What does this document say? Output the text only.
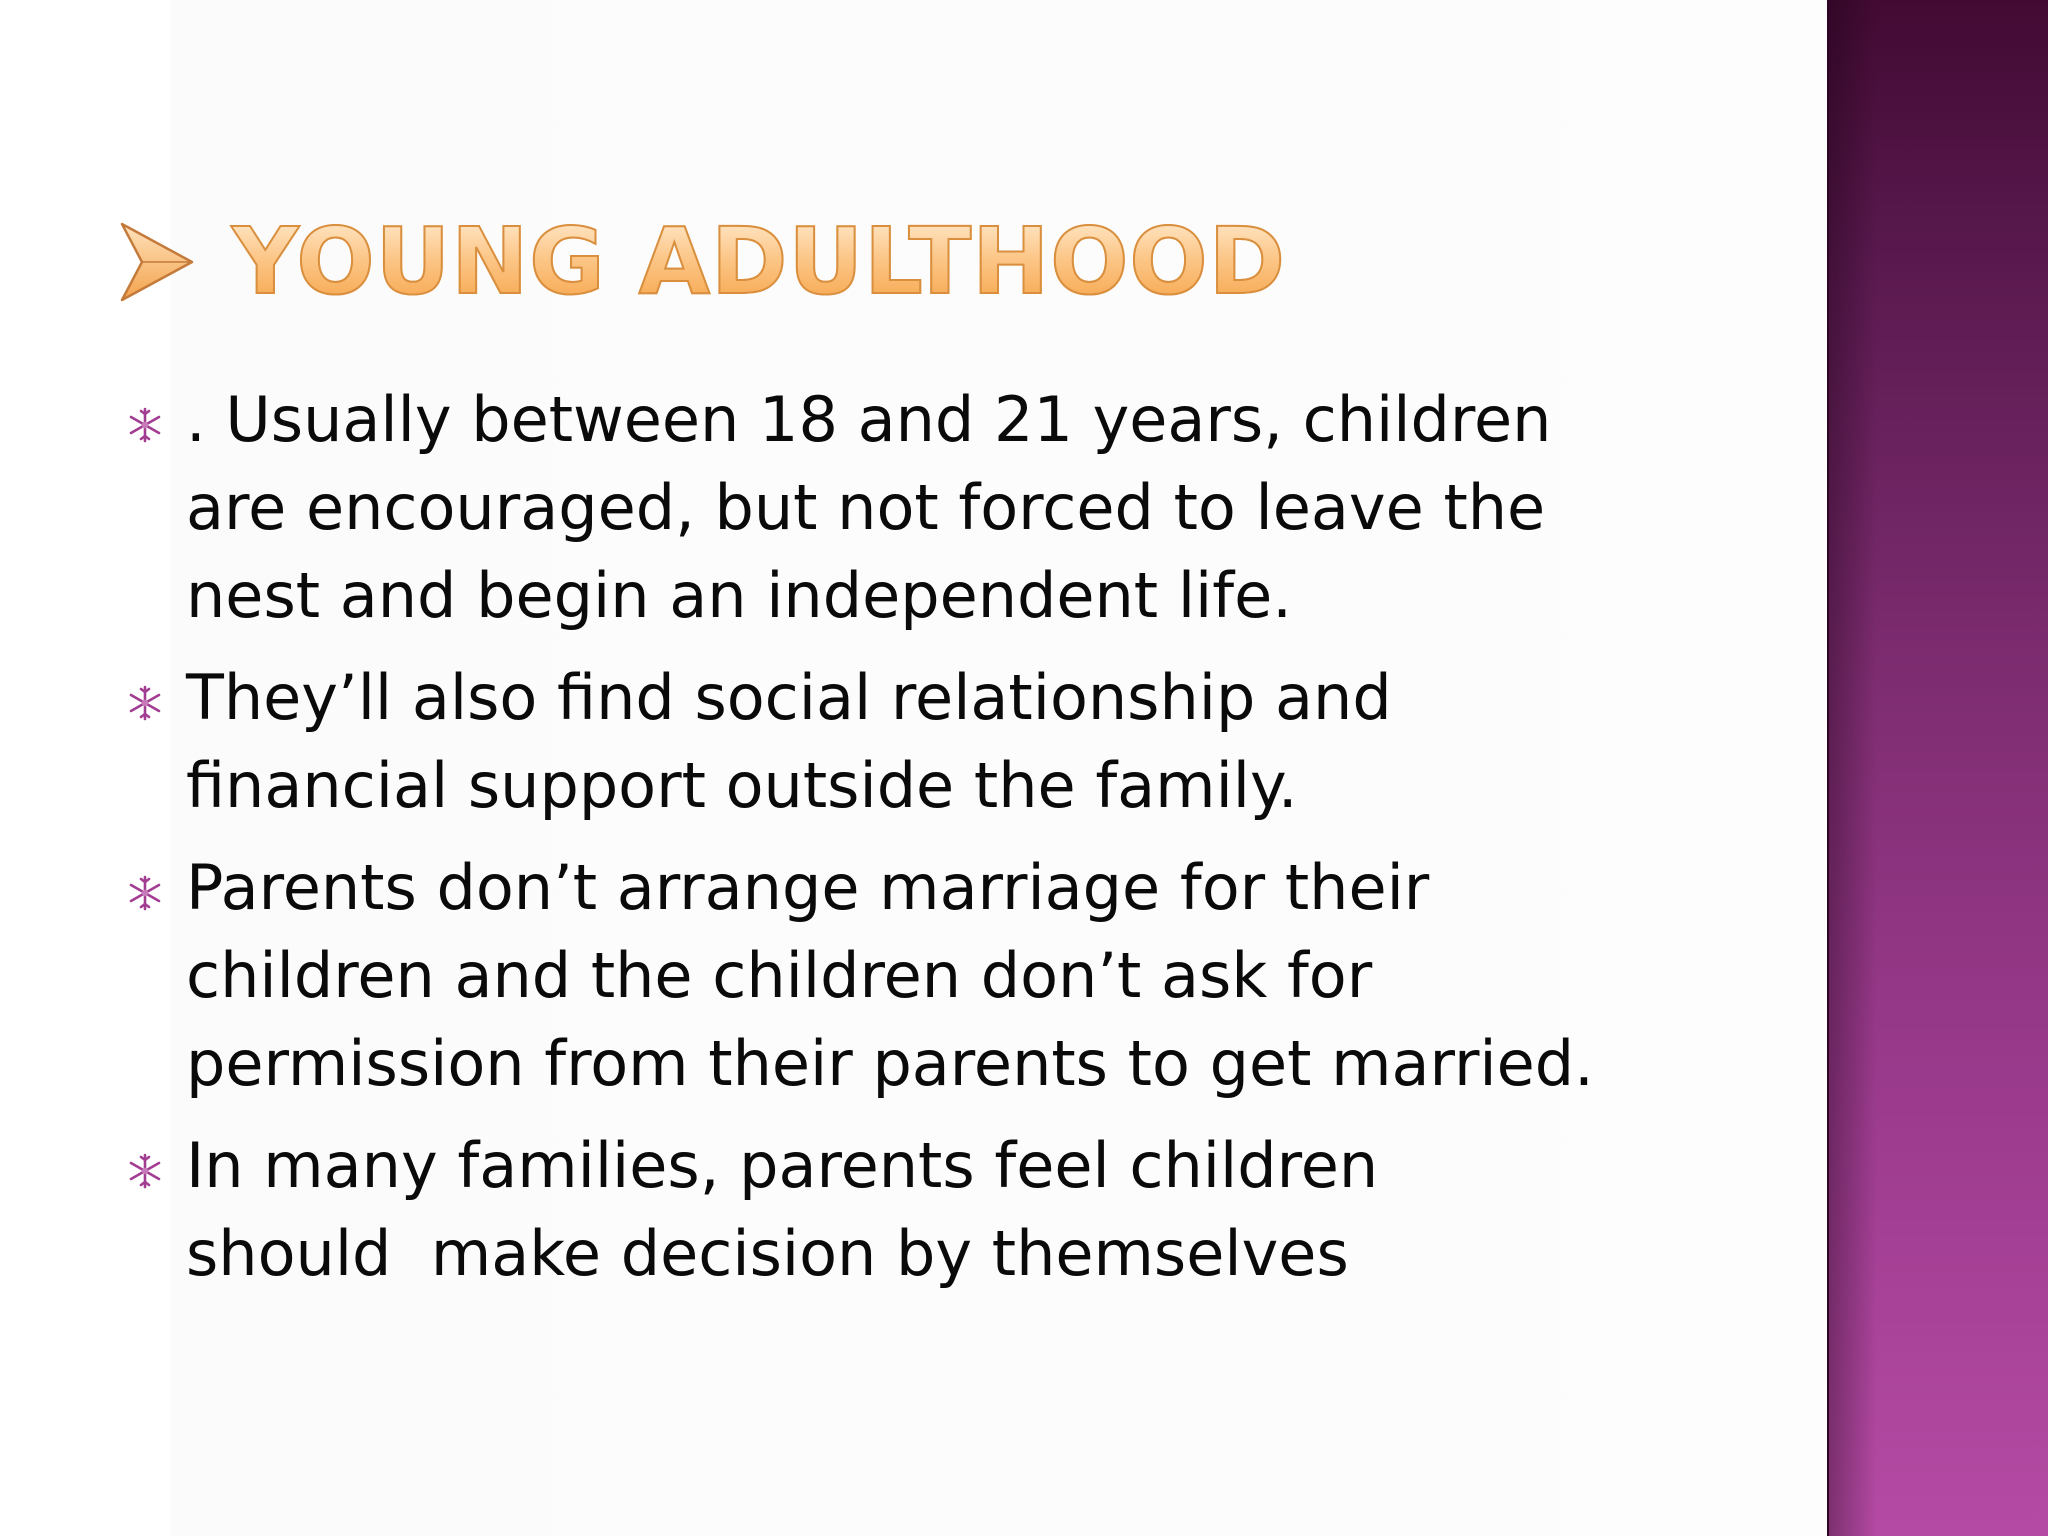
YOUNG ADULTHOOD
. Usually between 18 and 21 years, children
are encouraged, but not forced to leave the
nest and begin an independent life.
They’ll also find social relationship and
financial support outside the family.
Parents don’t arrange marriage for their
children and the children don’t ask for
permission from their parents to get married.
In many families, parents feel children
should  make decision by themselves
